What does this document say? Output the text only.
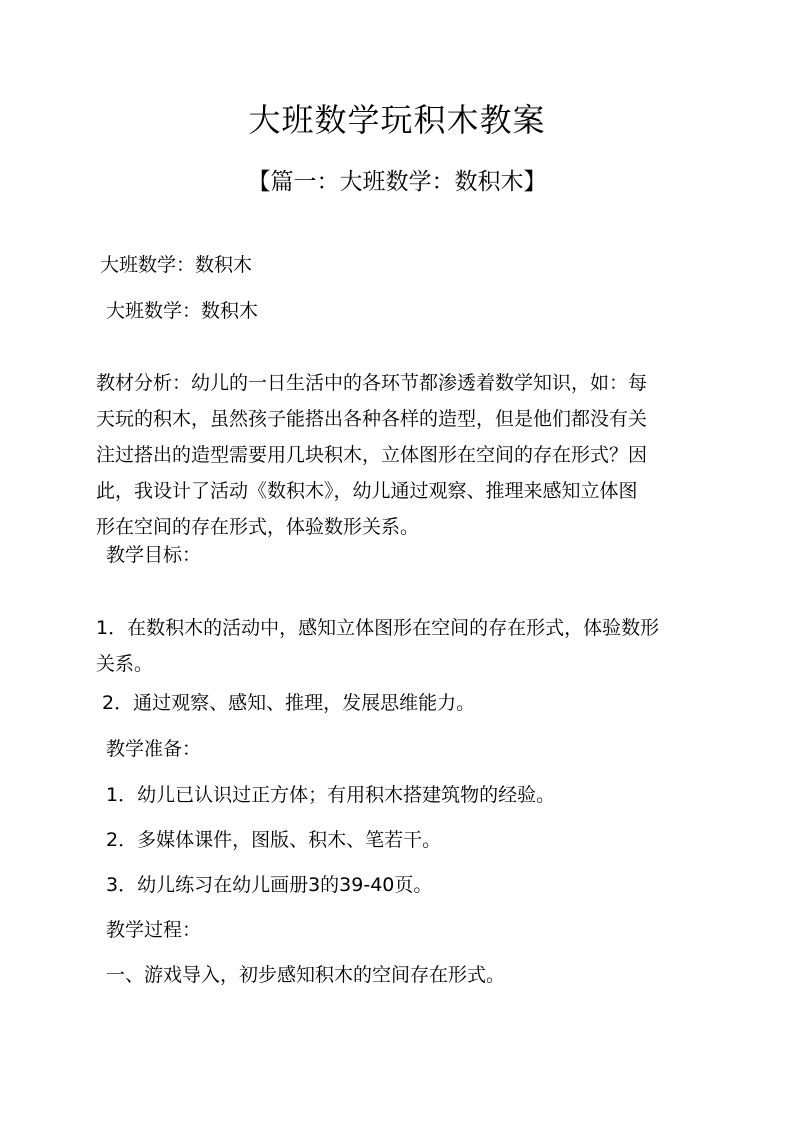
大班数学玩积木教案
【篇一：大班数学：数积木】
大班数学：数积木
大班数学：数积木
教材分析：幼儿的一日生活中的各环节都渗透着数学知识，如：每
天玩的积木，虽然孩子能搭出各种各样的造型，但是他们都没有关
注过搭出的造型需要用几块积木，立体图形在空间的存在形式？因
此，我设计了活动《数积木》，幼儿通过观察、推理来感知立体图
形在空间的存在形式，体验数形关系。
教学目标：
1．在数积木的活动中，感知立体图形在空间的存在形式，体验数形
关系。
2．通过观察、感知、推理，发展思维能力。
教学准备：
1．幼儿已认识过正方体；有用积木搭建筑物的经验。
2．多媒体课件，图版、积木、笔若干。
3．幼儿练习在幼儿画册3的39-40页。
教学过程：
一、游戏导入，初步感知积木的空间存在形式。
